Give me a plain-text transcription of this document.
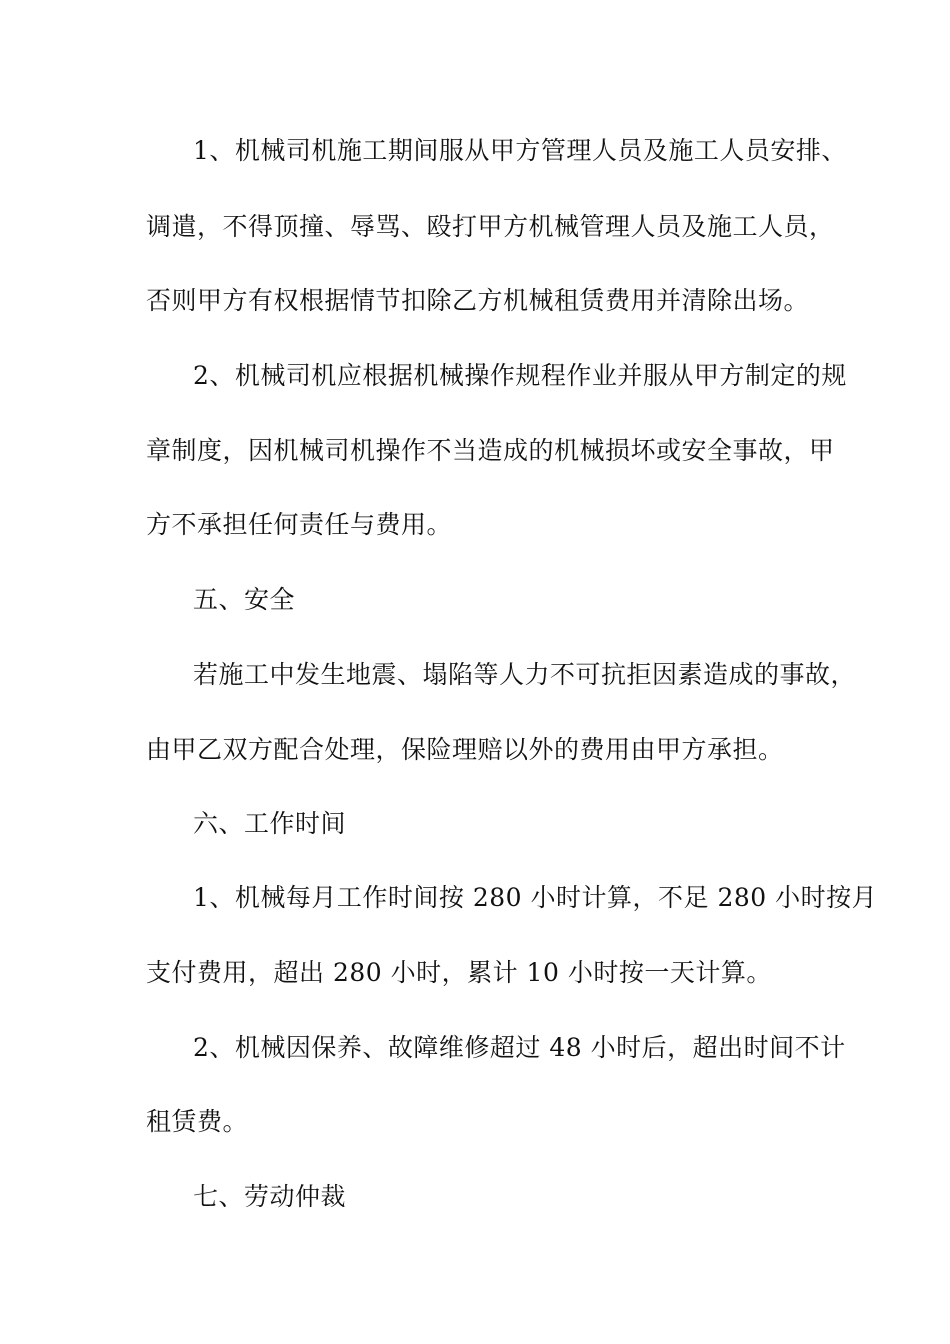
1、机械司机施工期间服从甲方管理人员及施工人员安排、
调遣，不得顶撞、辱骂、殴打甲方机械管理人员及施工人员，
否则甲方有权根据情节扣除乙方机械租赁费用并清除出场。
2、机械司机应根据机械操作规程作业并服从甲方制定的规
章制度，因机械司机操作不当造成的机械损坏或安全事故，甲
方不承担任何责任与费用。
五、安全
若施工中发生地震、塌陷等人力不可抗拒因素造成的事故，
由甲乙双方配合处理，保险理赔以外的费用由甲方承担。
六、工作时间
1、机械每月工作时间按 280 小时计算，不足 280 小时按月
支付费用，超出 280 小时，累计 10 小时按一天计算。
2、机械因保养、故障维修超过 48 小时后，超出时间不计
租赁费。
七、劳动仲裁
